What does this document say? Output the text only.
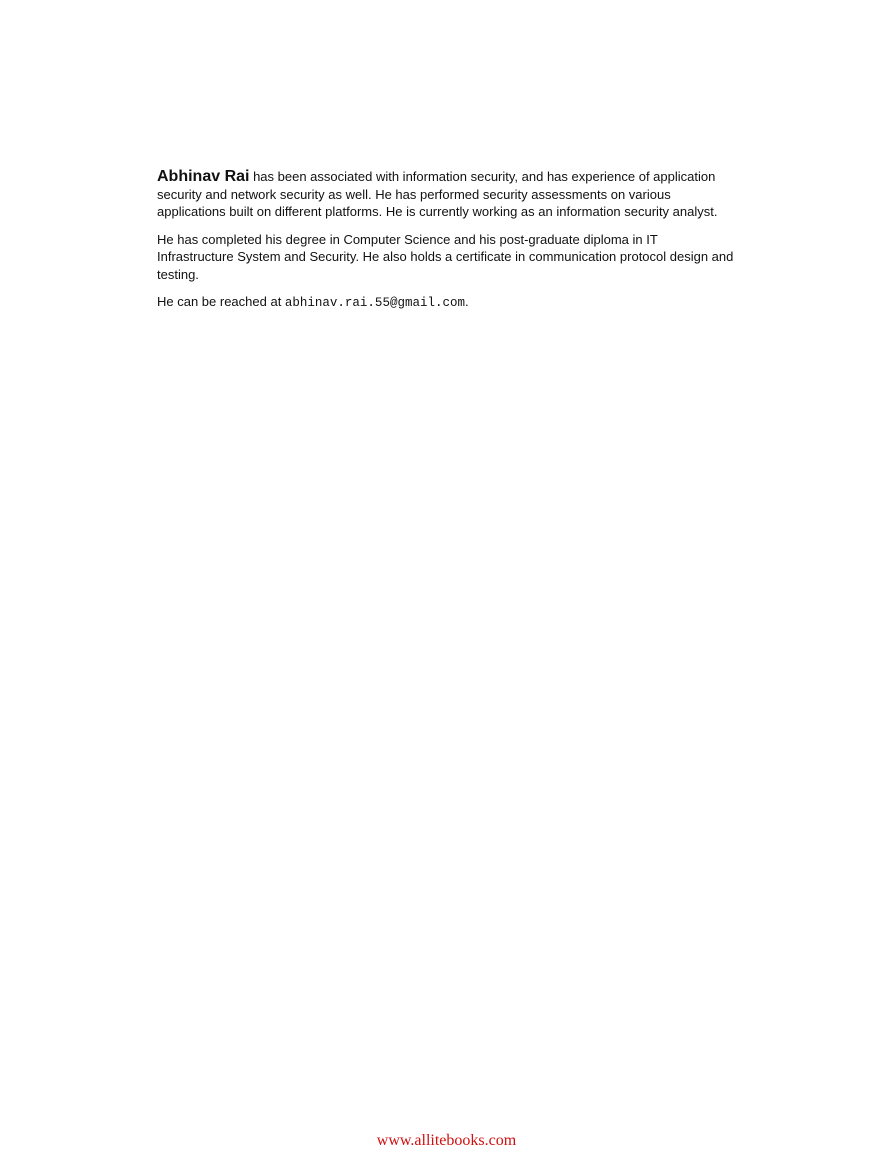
Abhinav Rai has been associated with information security, and has experience of application security and network security as well. He has performed security assessments on various applications built on different platforms. He is currently working as an information security analyst.

He has completed his degree in Computer Science and his post-graduate diploma in IT Infrastructure System and Security. He also holds a certificate in communication protocol design and testing.

He can be reached at abhinav.rai.55@gmail.com.

www.allitebooks.com
